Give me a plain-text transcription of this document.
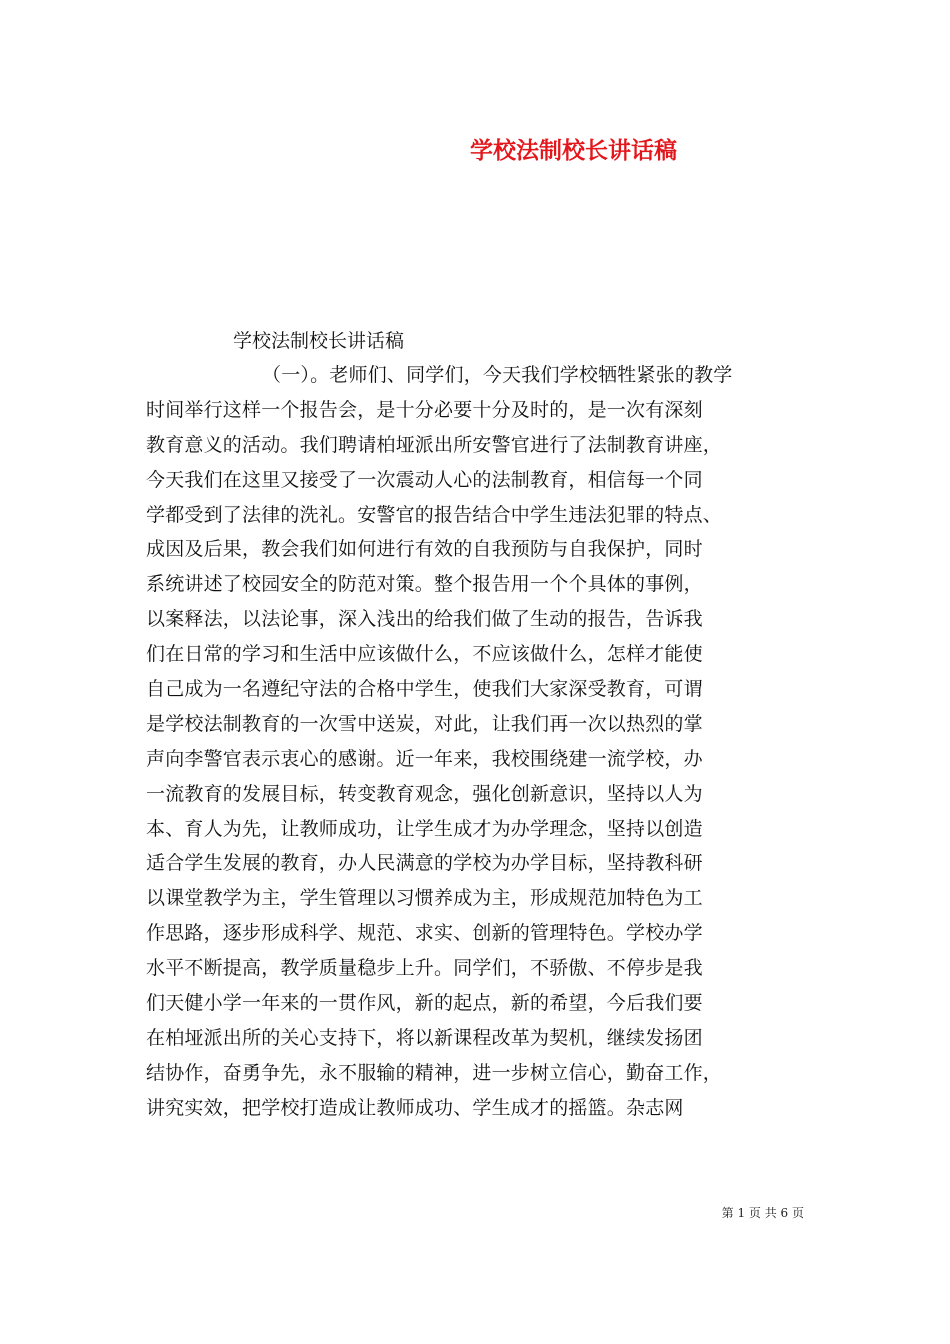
学校法制校长讲话稿
学校法制校长讲话稿
（一）。老师们、同学们，今天我们学校牺牲紧张的教学
时间举行这样一个报告会，是十分必要十分及时的，是一次有深刻
教育意义的活动。我们聘请柏垭派出所安警官进行了法制教育讲座，
今天我们在这里又接受了一次震动人心的法制教育，相信每一个同
学都受到了法律的洗礼。安警官的报告结合中学生违法犯罪的特点、
成因及后果，教会我们如何进行有效的自我预防与自我保护，同时
系统讲述了校园安全的防范对策。整个报告用一个个具体的事例，
以案释法，以法论事，深入浅出的给我们做了生动的报告，告诉我
们在日常的学习和生活中应该做什么，不应该做什么，怎样才能使
自己成为一名遵纪守法的合格中学生，使我们大家深受教育，可谓
是学校法制教育的一次雪中送炭，对此，让我们再一次以热烈的掌
声向李警官表示衷心的感谢。近一年来，我校围绕建一流学校，办
一流教育的发展目标，转变教育观念，强化创新意识，坚持以人为
本、育人为先，让教师成功，让学生成才为办学理念，坚持以创造
适合学生发展的教育，办人民满意的学校为办学目标，坚持教科研
以课堂教学为主，学生管理以习惯养成为主，形成规范加特色为工
作思路，逐步形成科学、规范、求实、创新的管理特色。学校办学
水平不断提高，教学质量稳步上升。同学们，不骄傲、不停步是我
们天健小学一年来的一贯作风，新的起点，新的希望，今后我们要
在柏垭派出所的关心支持下，将以新课程改革为契机，继续发扬团
结协作，奋勇争先，永不服输的精神，进一步树立信心，勤奋工作，
讲究实效，把学校打造成让教师成功、学生成才的摇篮。杂志网
第 1 页 共 6 页
